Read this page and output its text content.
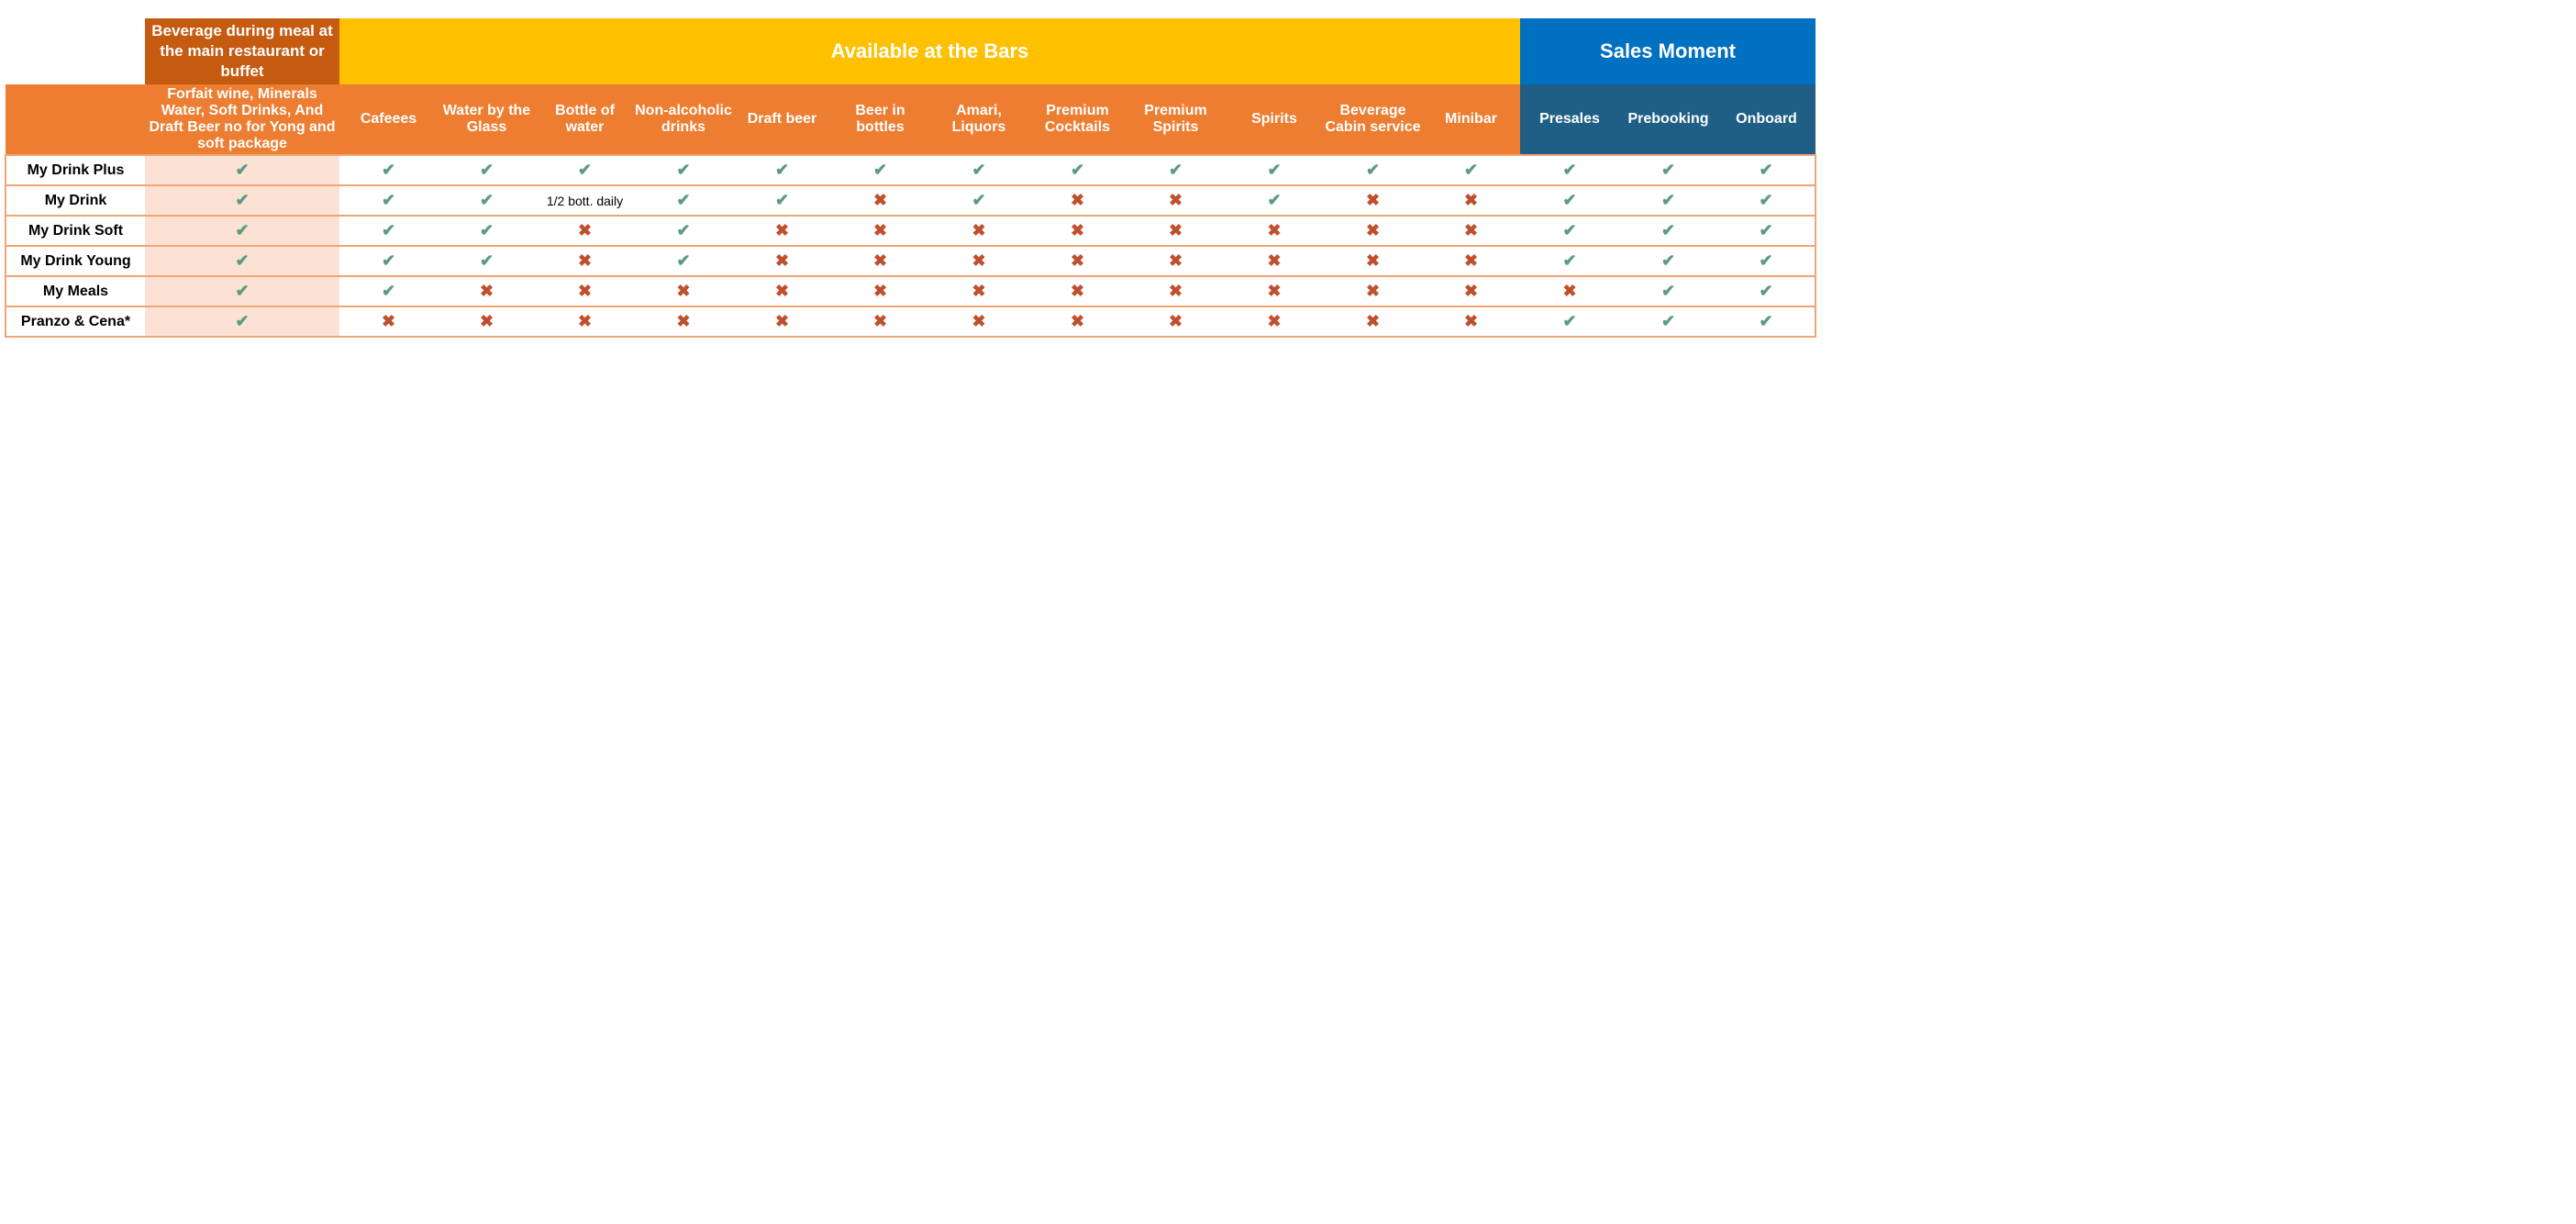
	Beverage during meal at the main restaurant or buffet	Available at the Bars												Sales Moment		
	Forfait wine, Minerals Water, Soft Drinks, And Draft Beer no for Yong and soft package	Cafeees	Water by the Glass	Bottle of water	Non-alcoholic drinks	Draft beer	Beer in bottles	Amari, Liquors	Premium Cocktails	Premium Spirits	Spirits	Beverage Cabin service	Minibar	Presales	Prebooking	Onboard
My Drink Plus	✔	✔	✔	✔	✔	✔	✔	✔	✔	✔	✔	✔	✔	✔	✔	✔
My Drink	✔	✔	✔	1/2 bott. daily	✔	✔	✖	✔	✖	✖	✔	✖	✖	✔	✔	✔
My Drink Soft	✔	✔	✔	✖	✔	✖	✖	✖	✖	✖	✖	✖	✖	✔	✔	✔
My Drink Young	✔	✔	✔	✖	✔	✖	✖	✖	✖	✖	✖	✖	✖	✔	✔	✔
My Meals	✔	✔	✖	✖	✖	✖	✖	✖	✖	✖	✖	✖	✖	✖	✔	✔
Pranzo & Cena*	✔	✖	✖	✖	✖	✖	✖	✖	✖	✖	✖	✖	✖	✔	✔	✔
